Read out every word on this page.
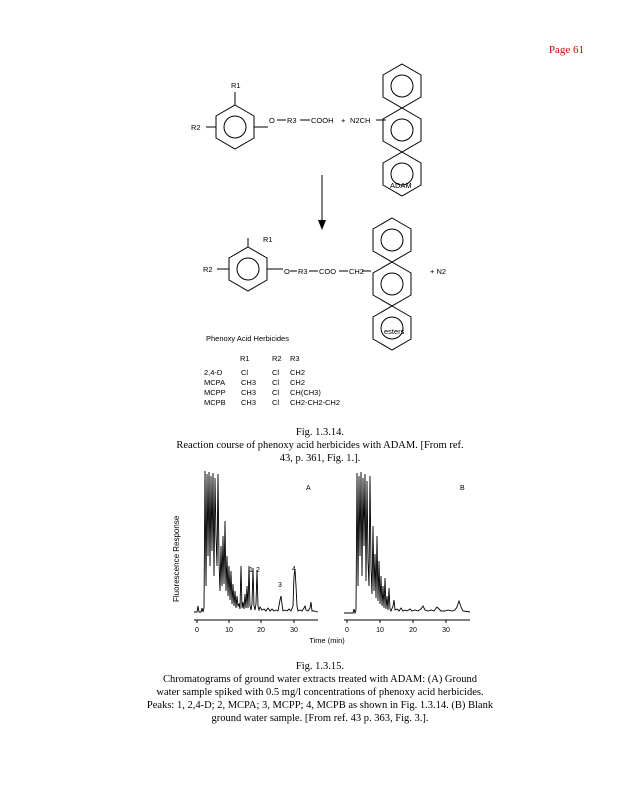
Page 61
R1
R2
O R3 COOH + N2CH
ADAM
R1
R2	O R3 COO CH2	+ N2
esters
Phenoxy Acid Herbicides
R1	R2 R3
2,4-D Cl	Cl CH2
MCPA CH3 Cl CH2
MCPP CH3 Cl CH(CH3)
MCPB CH3 Cl CH2-CH2-CH2
Fig. 1.3.14.
Reaction course of phenoxy acid herbicides with ADAM. [From ref.
43, p. 361, Fig. 1.].
Fluorescence Response
A
1 2
3
4
0	10	20	30
B
0	10	20	30
Time (min)
Fig. 1.3.15.
Chromatograms of ground water extracts treated with ADAM: (A) Ground
water sample spiked with 0.5 mg/l concentrations of phenoxy acid herbicides.
Peaks: 1, 2,4-D; 2, MCPA; 3, MCPP; 4, MCPB as shown in Fig. 1.3.14. (B) Blank
ground water sample. [From ref. 43 p. 363, Fig. 3.].
